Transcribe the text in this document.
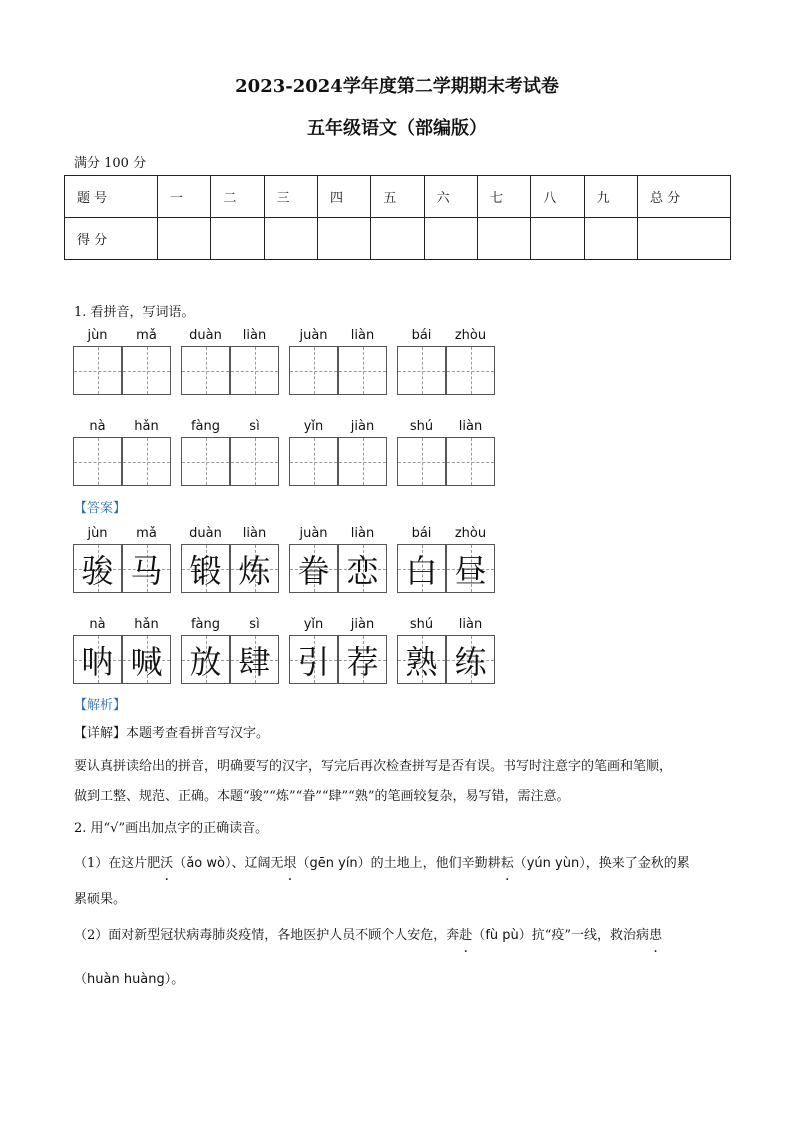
2023-2024学年度第二学期期末考试卷
五年级语文（部编版）
满分 100 分
题 号	一	二	三	四	五	六	七	八	九	总 分
得 分										
1. 看拼音，写词语。
jùn	mǎ	duàn	liàn	juàn	liàn	bái	zhòu
nà	hǎn	fàng	sì	yǐn	jiàn	shú	liàn
jùn
骏
mǎ
马
duàn
锻
liàn
炼
juàn
眷
liàn
恋
bái
白
zhòu
昼
nà
呐
hǎn
喊
fàng
放
sì
肆
yǐn
引
jiàn
荐
shú
熟
liàn
练
【答案】
【解析】
【详解】本题考查看拼音写汉字。
要认真拼读给出的拼音，明确要写的汉字，写完后再次检查拼写是否有误。书写时注意字的笔画和笔顺，
做到工整、规范、正确。本题“骏”“炼”“眷”“肆”“熟”的笔画较复杂，易写错，需注意。
2. 用“√”画出加点字的正确读音。
（1）在这片肥沃（ǎo wò）、辽阔无垠（gēn yín）的土地上，他们辛勤耕耘（yún yùn），换来了金秋的累
累硕果。
（2）面对新型冠状病毒肺炎疫情，各地医护人员不顾个人安危，奔赴（fù pù）抗“疫”一线，救治病患
（huàn huàng）。
